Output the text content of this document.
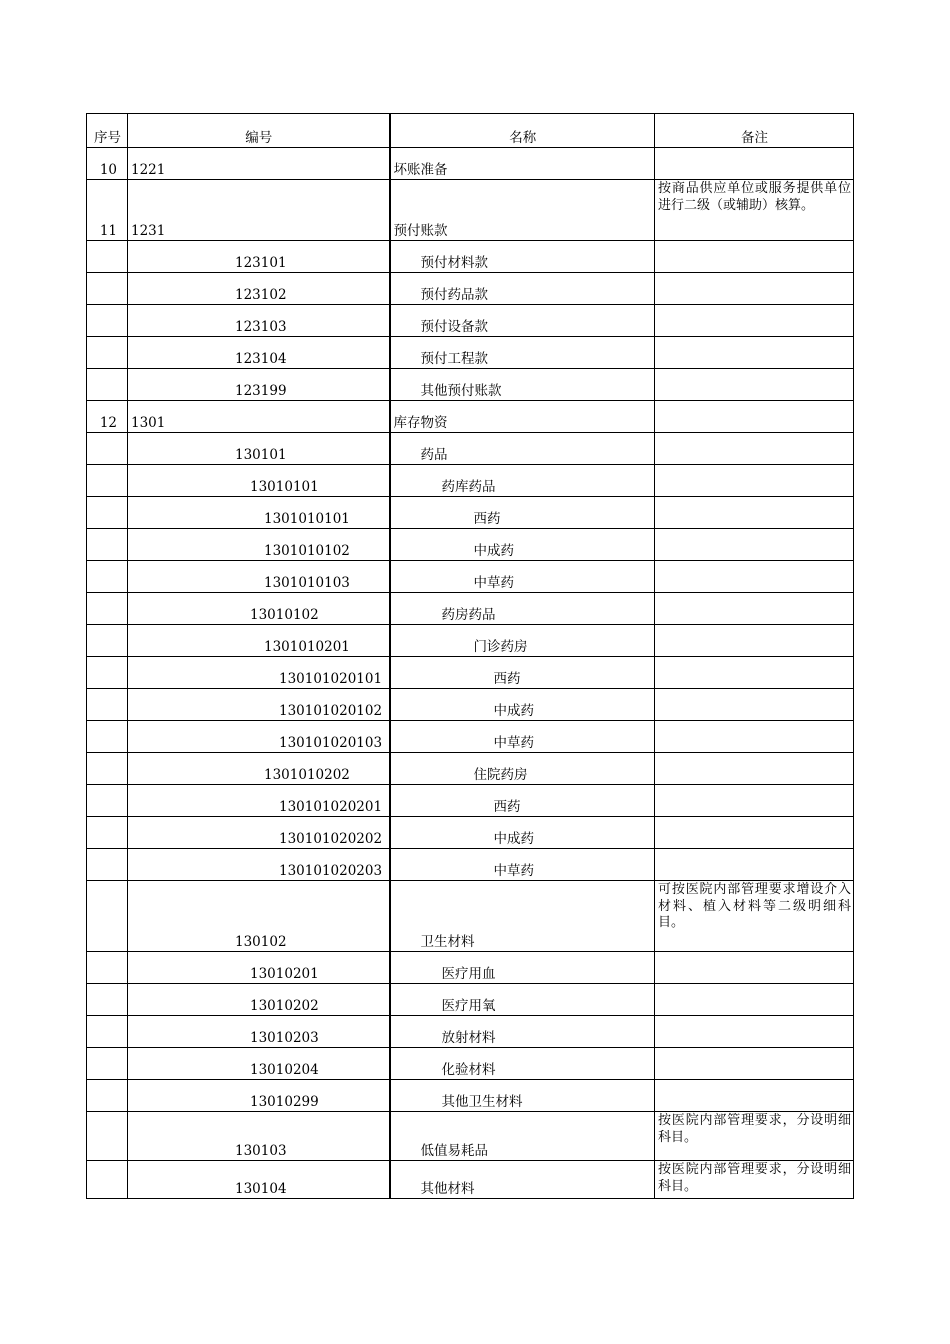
序号	编号	名称	备注
10	1221	坏账准备	
11	1231	预付账款	按商品供应单位或服务提供单位进行二级（或辅助）核算。
	123101	预付材料款	
	123102	预付药品款	
	123103	预付设备款	
	123104	预付工程款	
	123199	其他预付账款	
12	1301	库存物资	
	130101	药品	
	13010101	药库药品	
	1301010101	西药	
	1301010102	中成药	
	1301010103	中草药	
	13010102	药房药品	
	1301010201	门诊药房	
	130101020101	西药	
	130101020102	中成药	
	130101020103	中草药	
	1301010202	住院药房	
	130101020201	西药	
	130101020202	中成药	
	130101020203	中草药	
	130102	卫生材料	可按医院内部管理要求增设介入材料、植入材料等二级明细科目。
	13010201	医疗用血	
	13010202	医疗用氧	
	13010203	放射材料	
	13010204	化验材料	
	13010299	其他卫生材料	
	130103	低值易耗品	按医院内部管理要求，分设明细科目。
	130104	其他材料	按医院内部管理要求，分设明细科目。
